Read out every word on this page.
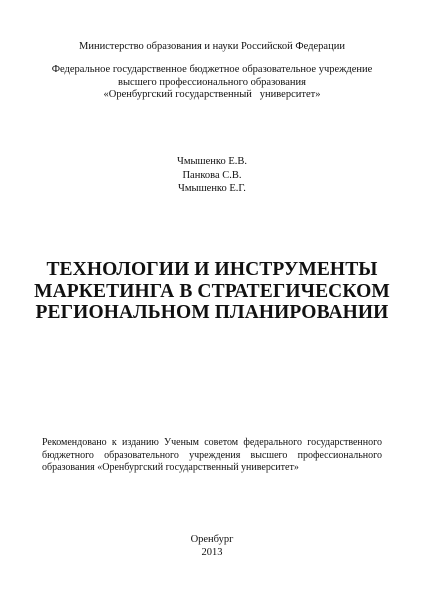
Министерство образования и науки Российской Федерации
Федеральное государственное бюджетное образовательное учреждение
высшего профессионального образования
«Оренбургский государственный   университет»
Чмышенко Е.В.
Панкова С.В.
Чмышенко Е.Г.
ТЕХНОЛОГИИ И ИНСТРУМЕНТЫ
МАРКЕТИНГА В СТРАТЕГИЧЕСКОМ
РЕГИОНАЛЬНОМ ПЛАНИРОВАНИИ
Рекомендовано к изданию Ученым советом федерального государственного
бюджетного образовательного учреждения высшего профессионального
образования «Оренбургский государственный университет»
Оренбург
2013
